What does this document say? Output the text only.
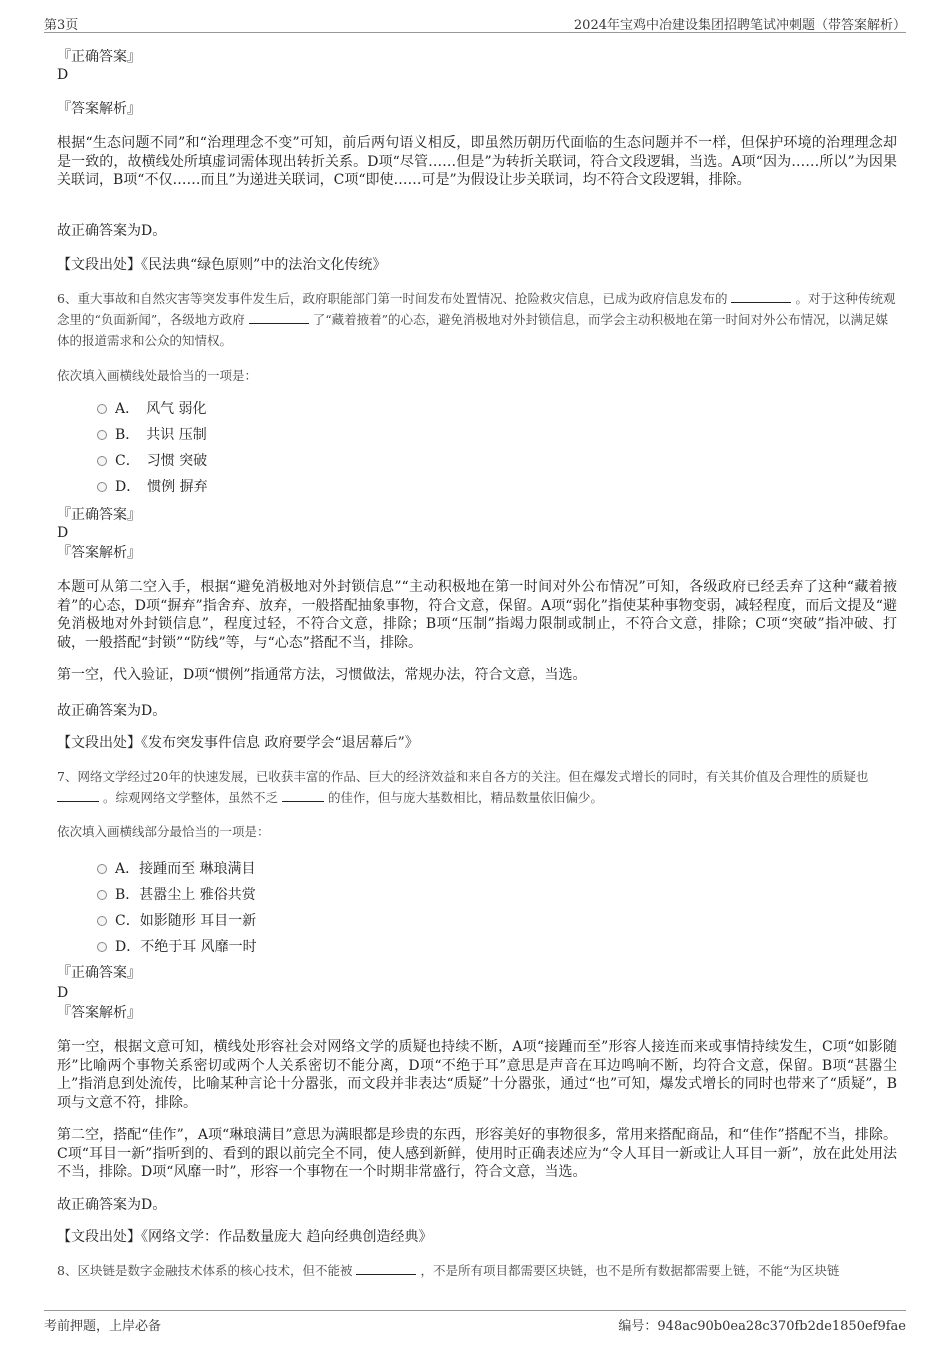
第3页	2024年宝鸡中冶建设集团招聘笔试冲刺题（带答案解析）
『正确答案』
D
『答案解析』
根据“生态问题不同”和“治理理念不变”可知，前后两句语义相反，即虽然历朝历代面临的生态问题并不一样，但保护环境的治理理念却是一致的，故横线处所填虚词需体现出转折关系。D项“尽管……但是”为转折关联词，符合文段逻辑，当选。A项“因为……所以”为因果关联词，B项“不仅……而且”为递进关联词，C项“即使……可是”为假设让步关联词，均不符合文段逻辑，排除。
故正确答案为D。
【文段出处】《民法典“绿色原则”中的法治文化传统》
6、重大事故和自然灾害等突发事件发生后，政府职能部门第一时间发布处置情况、抢险救灾信息，已成为政府信息发布的	。对于这种传统观念里的“负面新闻”，各级地方政府	了“藏着掖着”的心态，避免消极地对外封锁信息，而学会主动积极地在第一时间对外公布情况，以满足媒体的报道需求和公众的知情权。
依次填入画横线处最恰当的一项是：
A．　风气 弱化
B．　共识 压制
C．　习惯 突破
D．　惯例 摒弃
『正确答案』
D
『答案解析』
本题可从第二空入手，根据“避免消极地对外封锁信息”“主动积极地在第一时间对外公布情况”可知，各级政府已经丢弃了这种“藏着掖着”的心态，D项“摒弃”指舍弃、放弃，一般搭配抽象事物，符合文意，保留。A项“弱化”指使某种事物变弱，减轻程度，而后文提及“避免消极地对外封锁信息”，程度过轻，不符合文意，排除；B项“压制”指竭力限制或制止，不符合文意，排除；C项“突破”指冲破、打破，一般搭配“封锁”“防线”等，与“心态”搭配不当，排除。
第一空，代入验证，D项“惯例”指通常方法，习惯做法，常规办法，符合文意，当选。
故正确答案为D。
【文段出处】《发布突发事件信息 政府要学会“退居幕后”》
7、网络文学经过20年的快速发展，已收获丰富的作品、巨大的经济效益和来自各方的关注。但在爆发式增长的同时，有关其价值及合理性的质疑也  。综观网络文学整体，虽然不乏	的佳作，但与庞大基数相比，精品数量依旧偏少。
依次填入画横线部分最恰当的一项是：
A．接踵而至 琳琅满目
B．甚嚣尘上 雅俗共赏
C．如影随形 耳目一新
D．不绝于耳 风靡一时
『正确答案』
D
『答案解析』
第一空，根据文意可知，横线处形容社会对网络文学的质疑也持续不断，A项“接踵而至”形容人接连而来或事情持续发生，C项“如影随形”比喻两个事物关系密切或两个人关系密切不能分离，D项“不绝于耳”意思是声音在耳边鸣响不断，均符合文意，保留。B项“甚嚣尘上”指消息到处流传，比喻某种言论十分嚣张，而文段并非表达“质疑”十分嚣张，通过“也”可知，爆发式增长的同时也带来了“质疑”，B项与文意不符，排除。
第二空，搭配“佳作”，A项“琳琅满目”意思为满眼都是珍贵的东西，形容美好的事物很多，常用来搭配商品，和“佳作”搭配不当，排除。C项“耳目一新”指听到的、看到的跟以前完全不同，使人感到新鲜，使用时正确表述应为“令人耳目一新或让人耳目一新”，放在此处用法不当，排除。D项“风靡一时”，形容一个事物在一个时期非常盛行，符合文意，当选。
故正确答案为D。
【文段出处】《网络文学：作品数量庞大 趋向经典创造经典》
8、区块链是数字金融技术体系的核心技术，但不能被	，不是所有项目都需要区块链，也不是所有数据都需要上链，不能“为区块链
考前押题，上岸必备	编号：948ac90b0ea28c370fb2de1850ef9fae
